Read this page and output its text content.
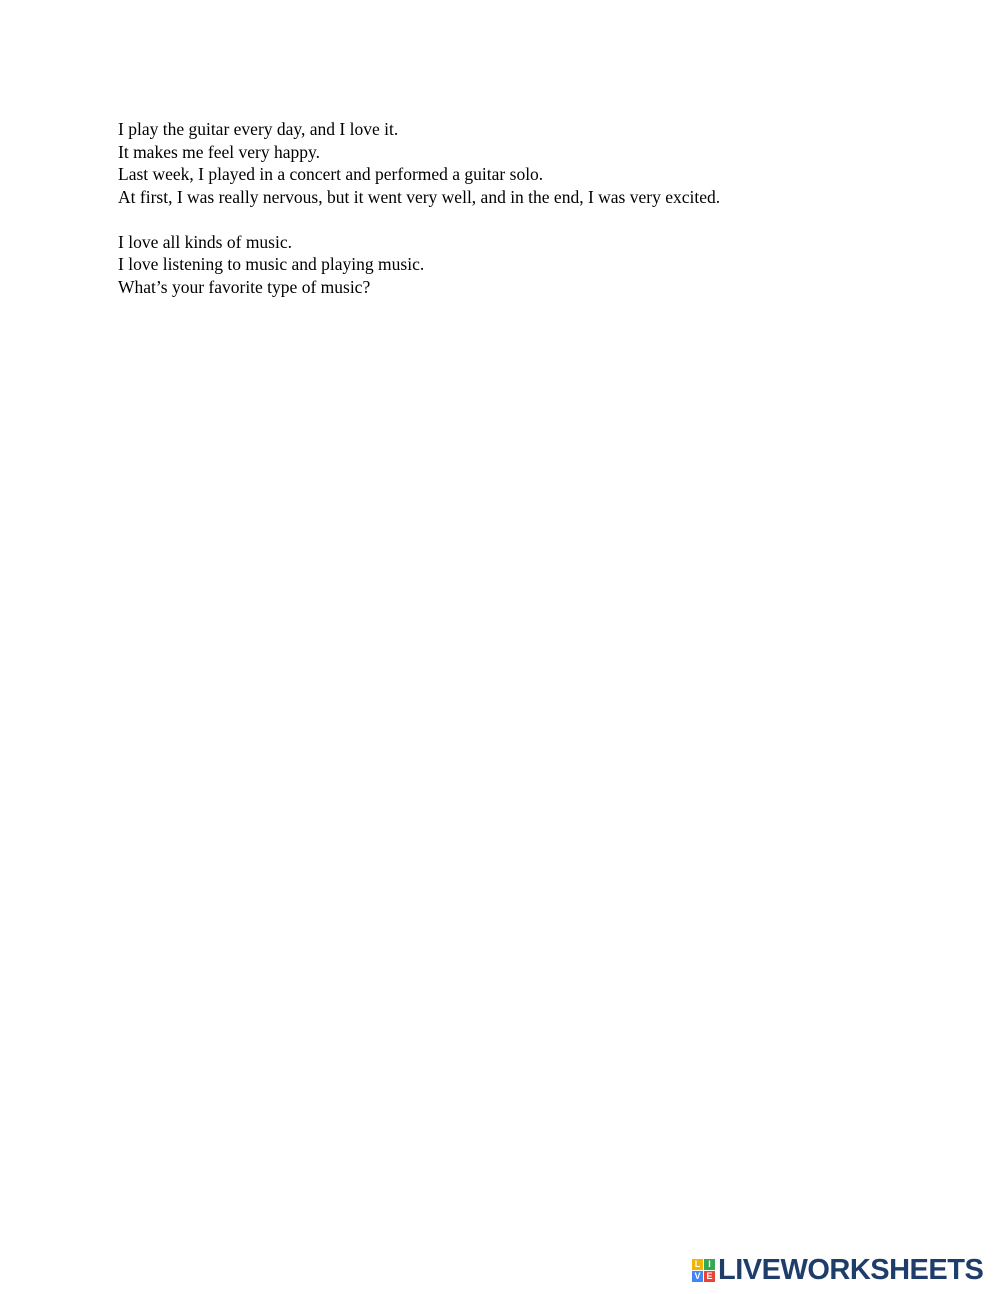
I play the guitar every day, and I love it.
It makes me feel very happy.
Last week, I played in a concert and performed a guitar solo.
At first, I was really nervous, but it went very well, and in the end, I was very excited.

I love all kinds of music.
I love listening to music and playing music.
What’s your favorite type of music?

L I
V E LIVEWORKSHEETS
